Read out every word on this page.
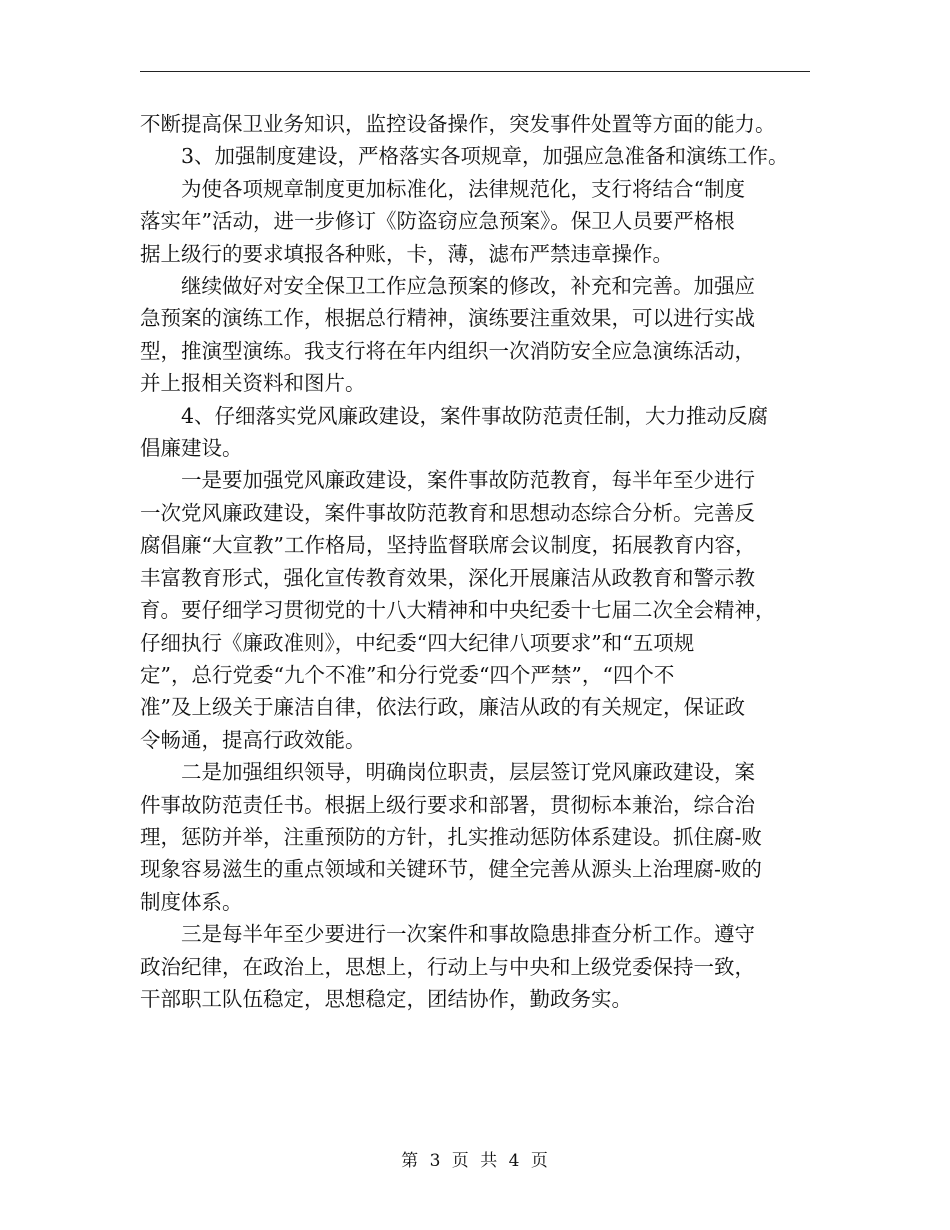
不断提高保卫业务知识，监控设备操作，突发事件处置等方面的能力。
3、加强制度建设，严格落实各项规章，加强应急准备和演练工作。
为使各项规章制度更加标准化，法律规范化，支行将结合“制度
落实年”活动，进一步修订《防盗窃应急预案》。保卫人员要严格根
据上级行的要求填报各种账，卡，薄，滤布严禁违章操作。
继续做好对安全保卫工作应急预案的修改，补充和完善。加强应
急预案的演练工作，根据总行精神，演练要注重效果，可以进行实战
型，推演型演练。我支行将在年内组织一次消防安全应急演练活动，
并上报相关资料和图片。
4、仔细落实党风廉政建设，案件事故防范责任制，大力推动反腐
倡廉建设。
一是要加强党风廉政建设，案件事故防范教育，每半年至少进行
一次党风廉政建设，案件事故防范教育和思想动态综合分析。完善反
腐倡廉“大宣教”工作格局，坚持监督联席会议制度，拓展教育内容，
丰富教育形式，强化宣传教育效果，深化开展廉洁从政教育和警示教
育。要仔细学习贯彻党的十八大精神和中央纪委十七届二次全会精神，
仔细执行《廉政准则》，中纪委“四大纪律八项要求”和“五项规
定”，总行党委“九个不准”和分行党委“四个严禁”，“四个不
准”及上级关于廉洁自律，依法行政，廉洁从政的有关规定，保证政
令畅通，提高行政效能。
二是加强组织领导，明确岗位职责，层层签订党风廉政建设，案
件事故防范责任书。根据上级行要求和部署，贯彻标本兼治，综合治
理，惩防并举，注重预防的方针，扎实推动惩防体系建设。抓住腐-败
现象容易滋生的重点领域和关键环节，健全完善从源头上治理腐-败的
制度体系。
三是每半年至少要进行一次案件和事故隐患排查分析工作。遵守
政治纪律，在政治上，思想上，行动上与中央和上级党委保持一致，
干部职工队伍稳定，思想稳定，团结协作，勤政务实。
第 3 页 共 4 页
